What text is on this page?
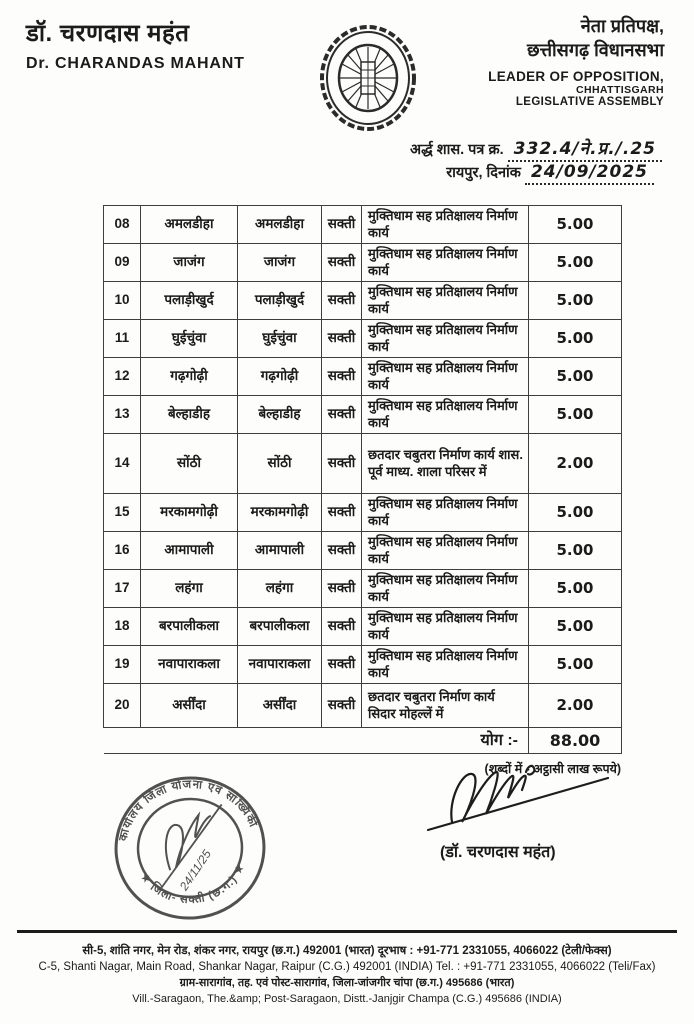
डॉ. चरणदास महंत
Dr. CHARANDAS MAHANT
नेता प्रतिपक्ष,
छत्तीसगढ़ विधानसभा
LEADER OF OPPOSITION,
CHHATTISGARH
LEGISLATIVE ASSEMBLY
अर्द्ध शास. पत्र क्र. 332.4/ने.प्र./.25
रायपुर, दिनांक 24/09/2025
08	अमलडीहा	अमलडीहा	सक्ती	मुक्तिधाम सह प्रतिक्षालय निर्माण कार्य	5.00
09	जाजंग	जाजंग	सक्ती	मुक्तिधाम सह प्रतिक्षालय निर्माण कार्य	5.00
10	पलाड़ीखुर्द	पलाड़ीखुर्द	सक्ती	मुक्तिधाम सह प्रतिक्षालय निर्माण कार्य	5.00
11	घुईचुंवा	घुईचुंवा	सक्ती	मुक्तिधाम सह प्रतिक्षालय निर्माण कार्य	5.00
12	गढ़गोढ़ी	गढ़गोढ़ी	सक्ती	मुक्तिधाम सह प्रतिक्षालय निर्माण कार्य	5.00
13	बेल्हाडीह	बेल्हाडीह	सक्ती	मुक्तिधाम सह प्रतिक्षालय निर्माण कार्य	5.00
14	सोंठी	सोंठी	सक्ती	छतदार चबुतरा निर्माण कार्य शास. पूर्व माध्य. शाला परिसर में	2.00
15	मरकामगोढ़ी	मरकामगोढ़ी	सक्ती	मुक्तिधाम सह प्रतिक्षालय निर्माण कार्य	5.00
16	आमापाली	आमापाली	सक्ती	मुक्तिधाम सह प्रतिक्षालय निर्माण कार्य	5.00
17	लहंगा	लहंगा	सक्ती	मुक्तिधाम सह प्रतिक्षालय निर्माण कार्य	5.00
18	बरपालीकला	बरपालीकला	सक्ती	मुक्तिधाम सह प्रतिक्षालय निर्माण कार्य	5.00
19	नवापाराकला	नवापाराकला	सक्ती	मुक्तिधाम सह प्रतिक्षालय निर्माण कार्य	5.00
20	अर्सींदा	अर्सींदा	सक्ती	छतदार चबुतरा निर्माण कार्य सिदार मोहल्लें में	2.00
योग :-					88.00
(शब्दों में - अट्ठासी लाख रूपये)
कार्यालय जिला योजना एवं सांख्यिकी
★ जिला- सक्ती (छ.ग.) ★
24/11/25	(डॉ. चरणदास महंत)
सी-5, शांति नगर, मेन रोड, शंकर नगर, रायपुर (छ.ग.) 492001 (भारत) दूरभाष : +91-771 2331055, 4066022 (टेली/फेक्स)
C-5, Shanti Nagar, Main Road, Shankar Nagar, Raipur (C.G.) 492001 (INDIA) Tel. : +91-771 2331055, 4066022 (Teli/Fax)
ग्राम-सारागांव, तह. एवं पोस्ट-सारागांव, जिला-जांजगीर चांपा (छ.ग.) 495686 (भारत)
Vill.-Saragaon, The.&amp; Post-Saragaon, Distt.-Janjgir Champa (C.G.) 495686 (INDIA)
